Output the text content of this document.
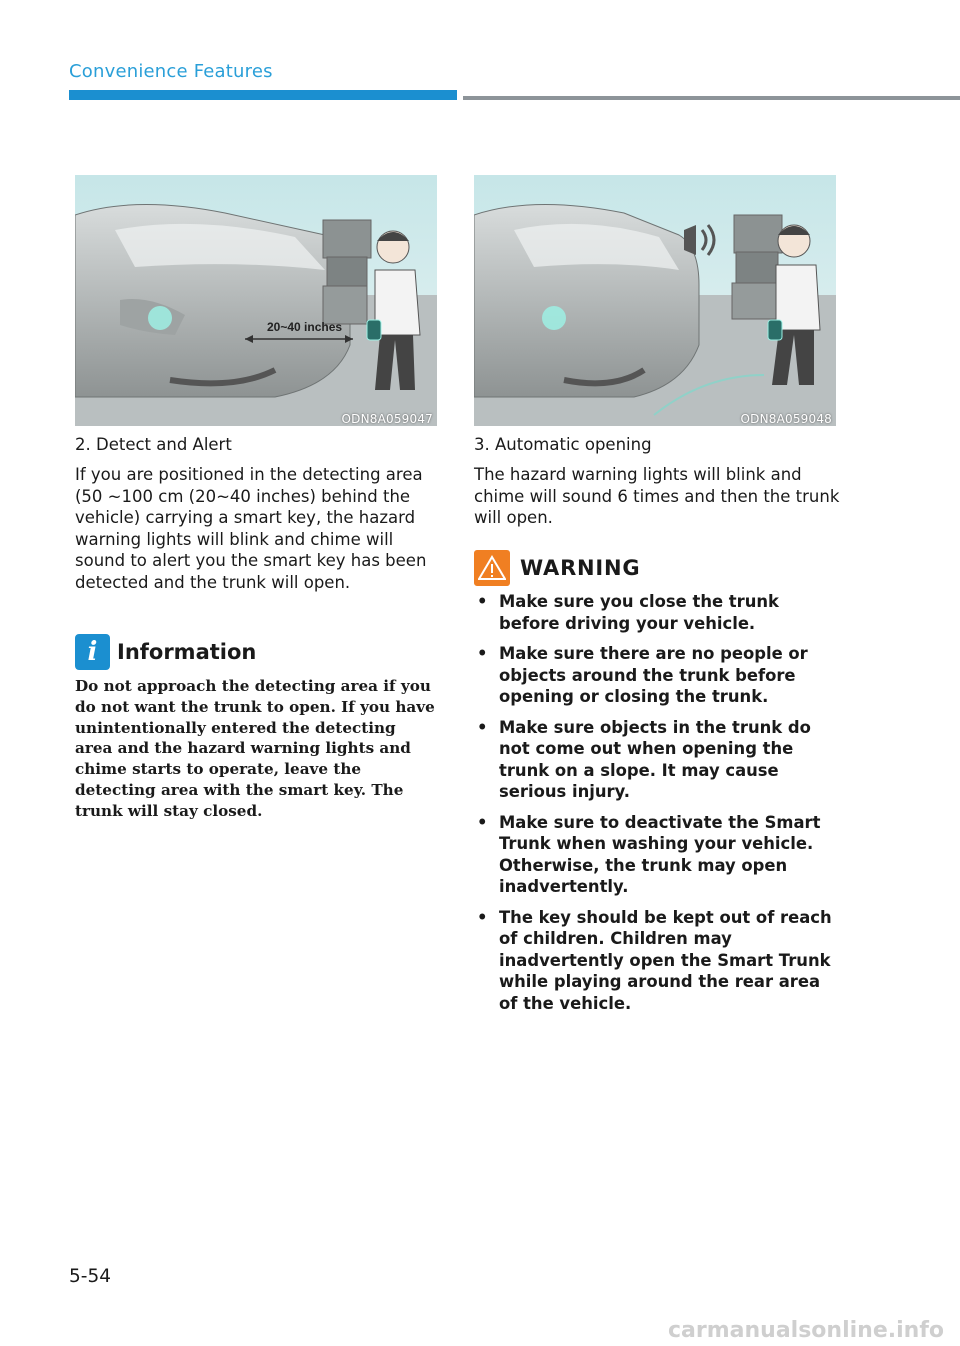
Convenience Features
20~40 inches
ODN8A059047	ODN8A059048

2. Detect and Alert

If you are positioned in the detecting area (50 ~100 cm (20~40 inches) behind the vehicle) carrying a smart key, the hazard warning lights will blink and chime will sound to alert you the smart key has been detected and the trunk will open.

i Information

Do not approach the detecting area if you do not want the trunk to open. If you have unintentionally entered the detecting area and the hazard warning lights and chime starts to operate, leave the detecting area with the smart key. The trunk will stay closed.

3. Automatic opening

The hazard warning lights will blink and chime will sound 6 times and then the trunk will open.

WARNING
• Make sure you close the trunk before driving your vehicle.
• Make sure there are no people or objects around the trunk before opening or closing the trunk.
• Make sure objects in the trunk do not come out when opening the trunk on a slope. It may cause serious injury.
• Make sure to deactivate the Smart Trunk when washing your vehicle. Otherwise, the trunk may open inadvertently.
• The key should be kept out of reach of children. Children may inadvertently open the Smart Trunk while playing around the rear area of the vehicle.
5-54
carmanualsonline.info
